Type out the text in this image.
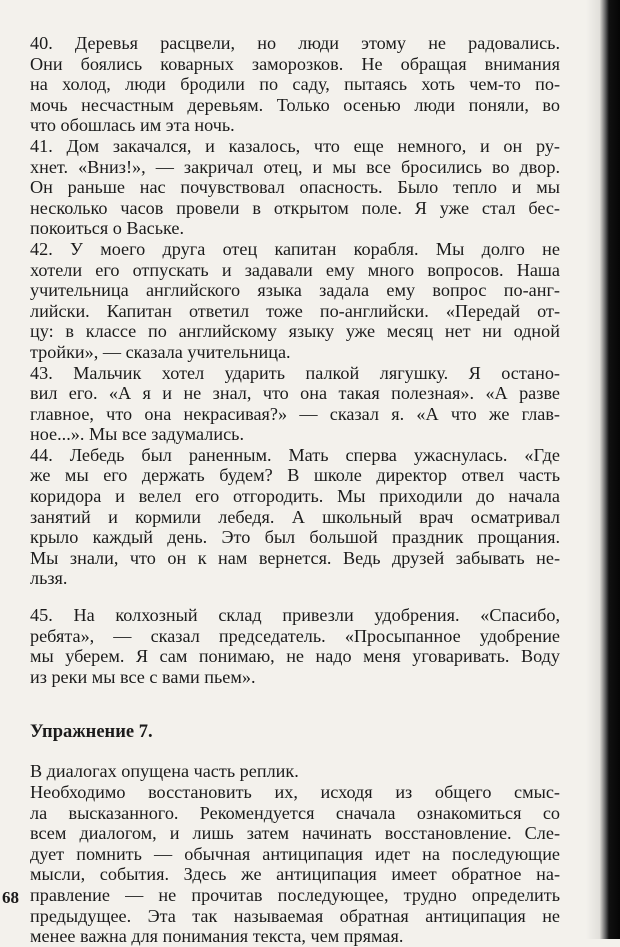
40. Деревья расцвели, но люди этому не радовались.
Они боялись коварных заморозков. Не обращая внимания
на холод, люди бродили по саду, пытаясь хоть чем-то по-
мочь несчастным деревьям. Только осенью люди поняли, во
что обошлась им эта ночь.
41. Дом закачался, и казалось, что еще немного, и он ру-
хнет. «Вниз!», — закричал отец, и мы все бросились во двор.
Он раньше нас почувствовал опасность. Было тепло и мы
несколько часов провели в открытом поле. Я уже стал бес-
покоиться о Ваське.
42. У моего друга отец капитан корабля. Мы долго не
хотели его отпускать и задавали ему много вопросов. Наша
учительница английского языка задала ему вопрос по-анг-
лийски. Капитан ответил тоже по-английски. «Передай от-
цу: в классе по английскому языку уже месяц нет ни одной
тройки», — сказала учительница.
43. Мальчик хотел ударить палкой лягушку. Я остано-
вил его. «А я и не знал, что она такая полезная». «А разве
главное, что она некрасивая?» — сказал я. «А что же глав-
ное...». Мы все задумались.
44. Лебедь был раненным. Мать сперва ужаснулась. «Где
же мы его держать будем? В школе директор отвел часть
коридора и велел его отгородить. Мы приходили до начала
занятий и кормили лебедя. А школьный врач осматривал
крыло каждый день. Это был большой праздник прощания.
Мы знали, что он к нам вернется. Ведь друзей забывать не-
льзя.
45. На колхозный склад привезли удобрения. «Спасибо,
ребята», — сказал председатель. «Просыпанное удобрение
мы уберем. Я сам понимаю, не надо меня уговаривать. Воду
из реки мы все с вами пьем».
Упражнение 7.
В диалогах опущена часть реплик.
Необходимо восстановить их, исходя из общего смыс-
ла высказанного. Рекомендуется сначала ознакомиться со
всем диалогом, и лишь затем начинать восстановление. Сле-
дует помнить — обычная антиципация идет на последующие
мысли, события. Здесь же антиципация имеет обратное на-
правление — не прочитав последующее, трудно определить
предыдущее. Эта так называемая обратная антиципация не
менее важна для понимания текста, чем прямая.
68
